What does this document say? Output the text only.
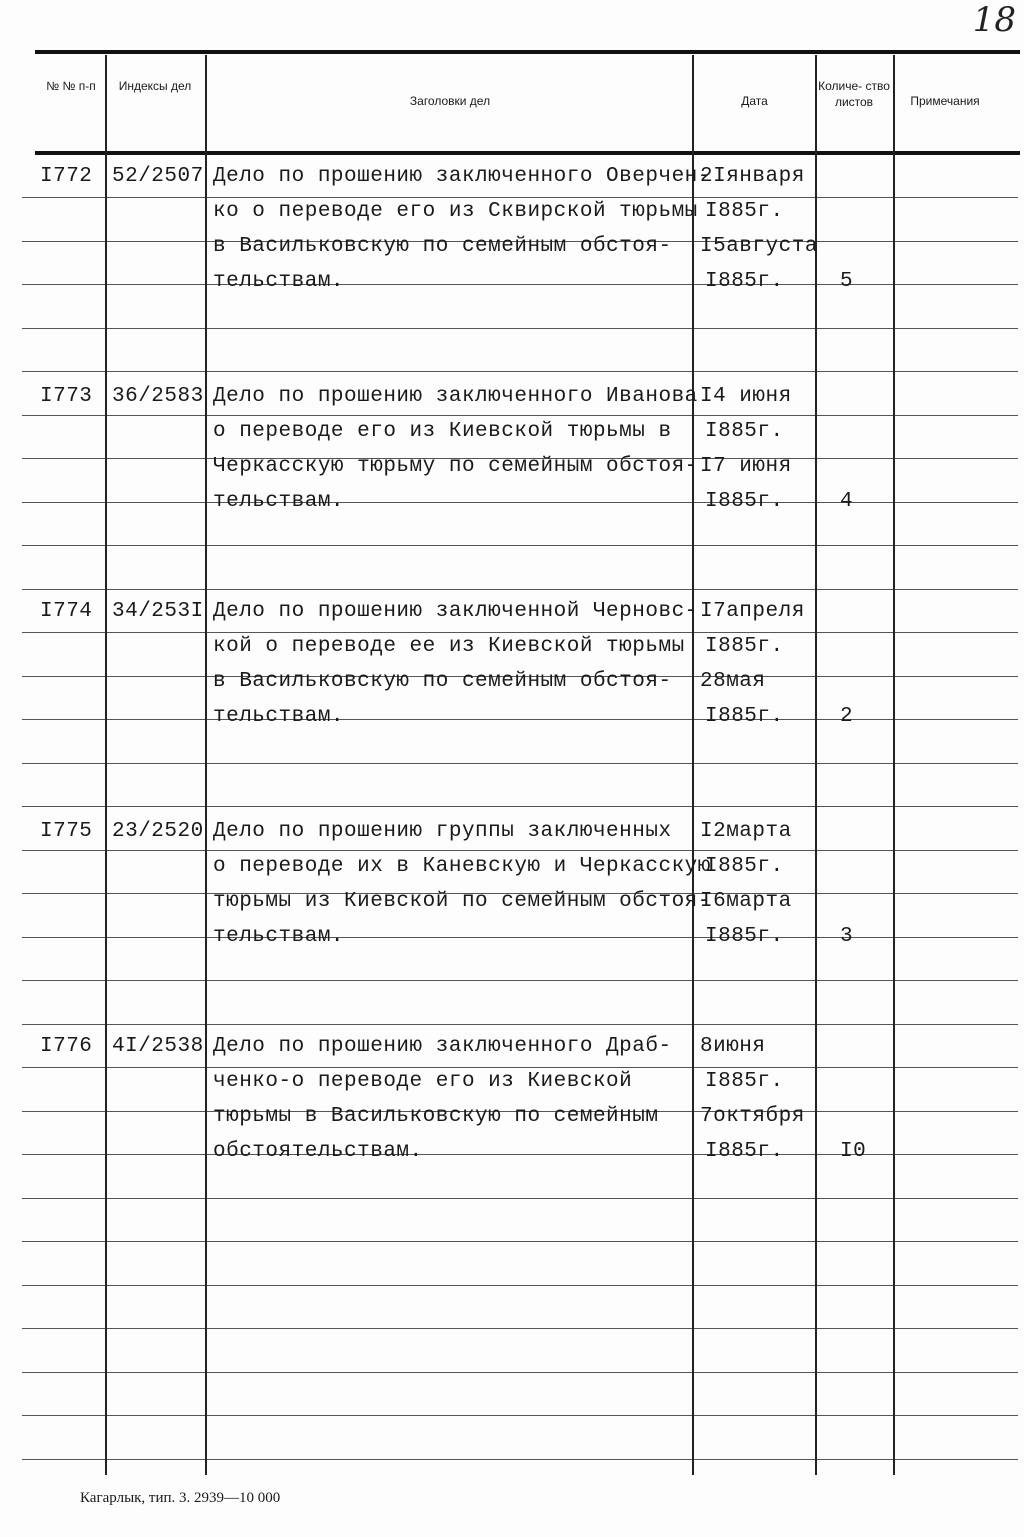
18
№ № п-п	Индексы дел
Заголовки дел	Дата
Количе- ство листов	Примечания
I772 52/2507 Дело по прошению заключенного Оверчен-
ко о переводе его из Сквирской тюрьмы
в Васильковскую по семейным обстоя-
тельствам.
2Iянваря
I885г.
I5августа
I885г.	5
I773 36/2583 Дело по прошению заключенного Иванова
о переводе его из Киевской тюрьмы в
Черкасскую тюрьму по семейным обстоя-
тельствам.
I4 июня
I885г.
I7 июня
I885г.	4
I774 34/253I Дело по прошению заключенной Черновс-
кой о переводе ее из Киевской тюрьмы
в Васильковскую по семейным обстоя-
тельствам.
I7апреля
I885г.
28мая
I885г.	2
I775 23/2520 Дело по прошению группы заключенных
о переводе их в Каневскую и Черкасскую
тюрьмы из Киевской по семейным обстоя-
тельствам.
I2марта
I885г.
I6марта
I885г.	3
I776 4I/2538 Дело по прошению заключенного Драб-
ченко-о переводе его из Киевской
тюрьмы в Васильковскую по семейным
обстоятельствам.
8июня
I885г.
7октября
I885г.	I0
Кагарлык, тип. 3. 2939—10 000
